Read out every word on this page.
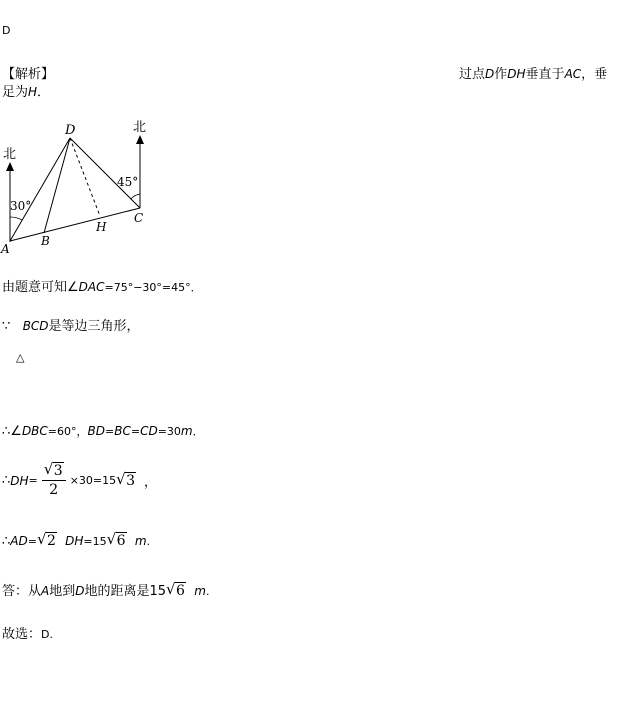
D
【解析】	过点D作DH垂直于AC，垂
足为H．
D
A
B
H
C
北
北
30°
45°
由题意可知∠DAC=75°−30°=45°．
∵ BCD是等边三角形，
△
∴∠DBC=60°，BD=BC=CD=30m．
∴ DH = $\frac{√ 3}{2} \times 30=15$ √ 3 ，
∴AD= √ 2 DH=15 √ 6 m.
答：从A地到D地的距离是15 √ 6 m.
故选：D.
